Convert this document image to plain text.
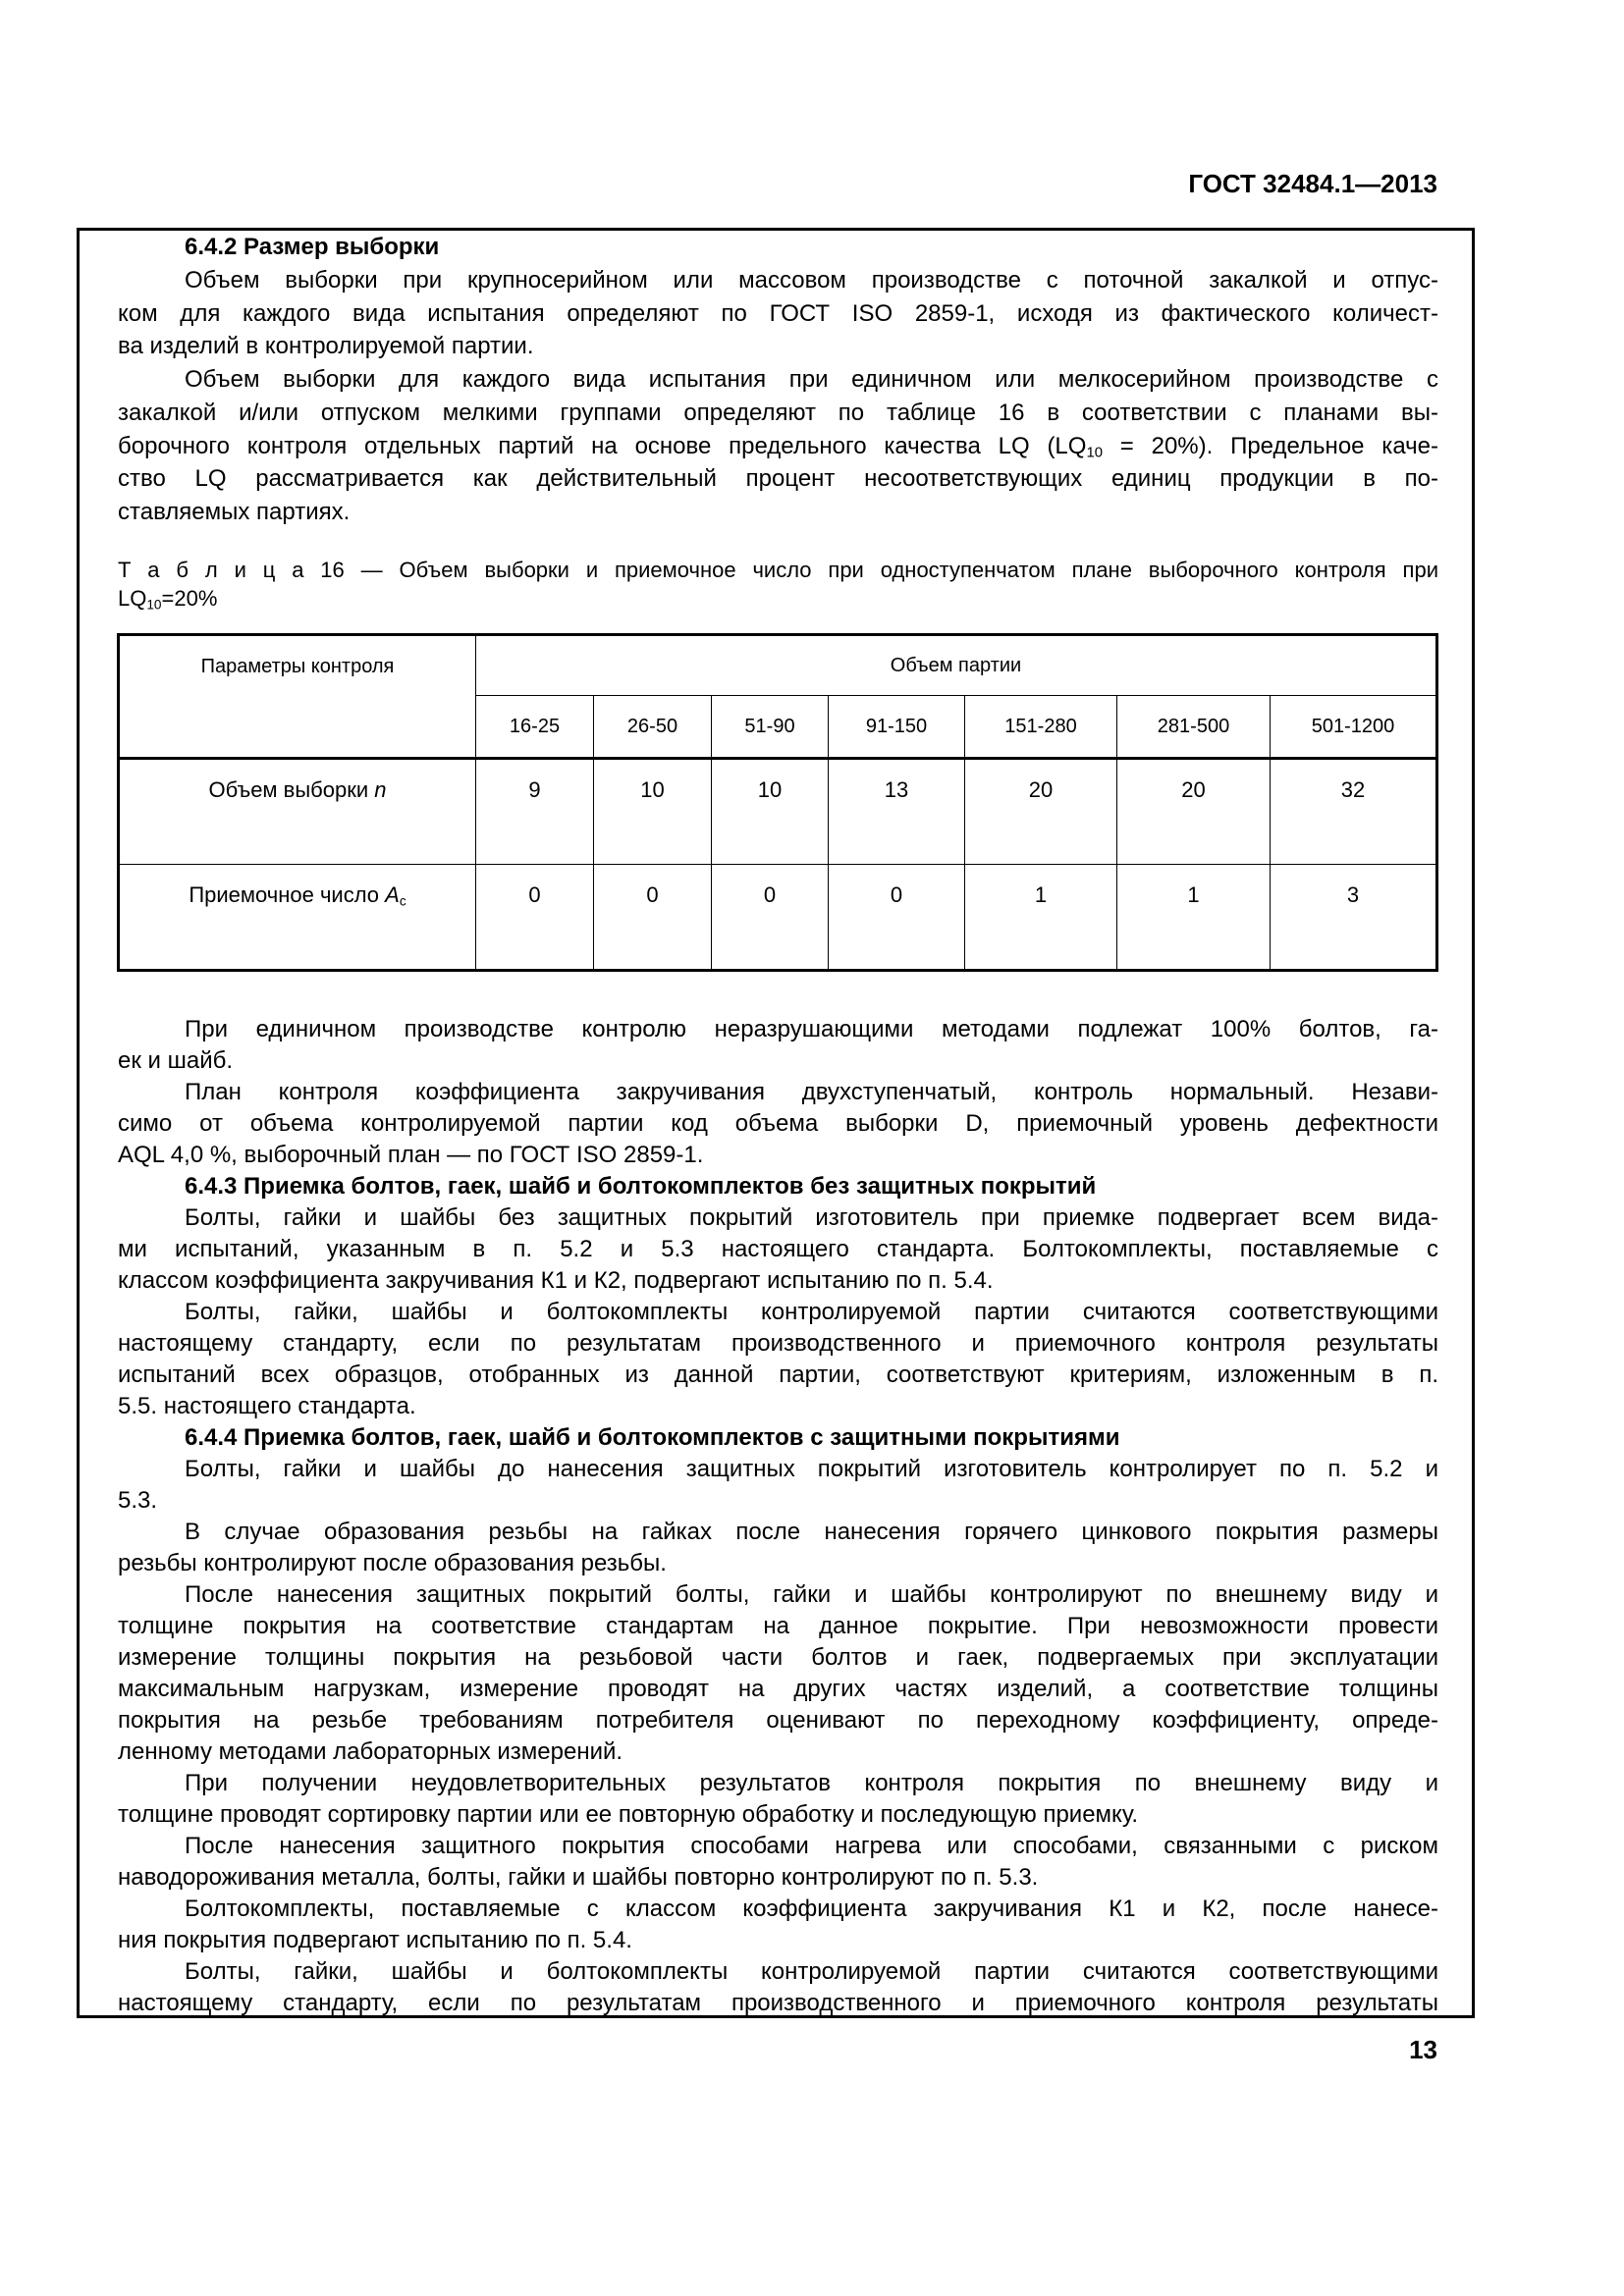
ГОСТ 32484.1—2013
6.4.2 Размер выборки
Объем выборки при крупносерийном или массовом производстве с поточной закалкой и отпус-
ком для каждого вида испытания определяют по ГОСТ ISO 2859-1, исходя из фактического количест-
ва изделий в контролируемой партии.
Объем выборки для каждого вида испытания при единичном или мелкосерийном производстве с
закалкой и/или отпуском мелкими группами определяют по таблице 16 в соответствии с планами вы-
борочного контроля отдельных партий на основе предельного качества LQ $(LQ_{10} = 20\%)$. Предельное каче-
ство LQ рассматривается как действительный процент несоответствующих единиц продукции в по-
ставляемых партиях.
Т а б л и ц а 16 — Объем выборки и приемочное число при одноступенчатом плане выборочного контроля при
$LQ_{10}=20\%$
Параметры контроля	Объем партии						
	16-25	26-50	51-90	91-150	151-280	281-500	501-1200
Объем выборки n	9	10	10	13	20	20	32
Приемочное число $A_c$	0	0	0	0	1	1	3
При единичном производстве контролю неразрушающими методами подлежат 100% болтов, га-
ек и шайб.
План контроля коэффициента закручивания двухступенчатый, контроль нормальный. Незави-
симо от объема контролируемой партии код объема выборки D, приемочный уровень дефектности
AQL 4,0 %, выборочный план — по ГОСТ ISO 2859-1.
6.4.3 Приемка болтов, гаек, шайб и болтокомплектов без защитных покрытий
Болты, гайки и шайбы без защитных покрытий изготовитель при приемке подвергает всем вида-
ми испытаний, указанным в п. 5.2 и 5.3 настоящего стандарта. Болтокомплекты, поставляемые с
классом коэффициента закручивания К1 и К2, подвергают испытанию по п. 5.4.
Болты, гайки, шайбы и болтокомплекты контролируемой партии считаются соответствующими
настоящему стандарту, если по результатам производственного и приемочного контроля результаты
испытаний всех образцов, отобранных из данной партии, соответствуют критериям, изложенным в п.
5.5. настоящего стандарта.
6.4.4 Приемка болтов, гаек, шайб и болтокомплектов с защитными покрытиями
Болты, гайки и шайбы до нанесения защитных покрытий изготовитель контролирует по п. 5.2 и
5.3.
В случае образования резьбы на гайках после нанесения горячего цинкового покрытия размеры
резьбы контролируют после образования резьбы.
После нанесения защитных покрытий болты, гайки и шайбы контролируют по внешнему виду и
толщине покрытия на соответствие стандартам на данное покрытие. При невозможности провести
измерение толщины покрытия на резьбовой части болтов и гаек, подвергаемых при эксплуатации
максимальным нагрузкам, измерение проводят на других частях изделий, а соответствие толщины
покрытия на резьбе требованиям потребителя оценивают по переходному коэффициенту, опреде-
ленному методами лабораторных измерений.
При получении неудовлетворительных результатов контроля покрытия по внешнему виду и
толщине проводят сортировку партии или ее повторную обработку и последующую приемку.
После нанесения защитного покрытия способами нагрева или способами, связанными с риском
наводороживания металла, болты, гайки и шайбы повторно контролируют по п. 5.3.
Болтокомплекты, поставляемые с классом коэффициента закручивания К1 и К2, после нанесе-
ния покрытия подвергают испытанию по п. 5.4.
Болты, гайки, шайбы и болтокомплекты контролируемой партии считаются соответствующими
настоящему стандарту, если по результатам производственного и приемочного контроля результаты
13
